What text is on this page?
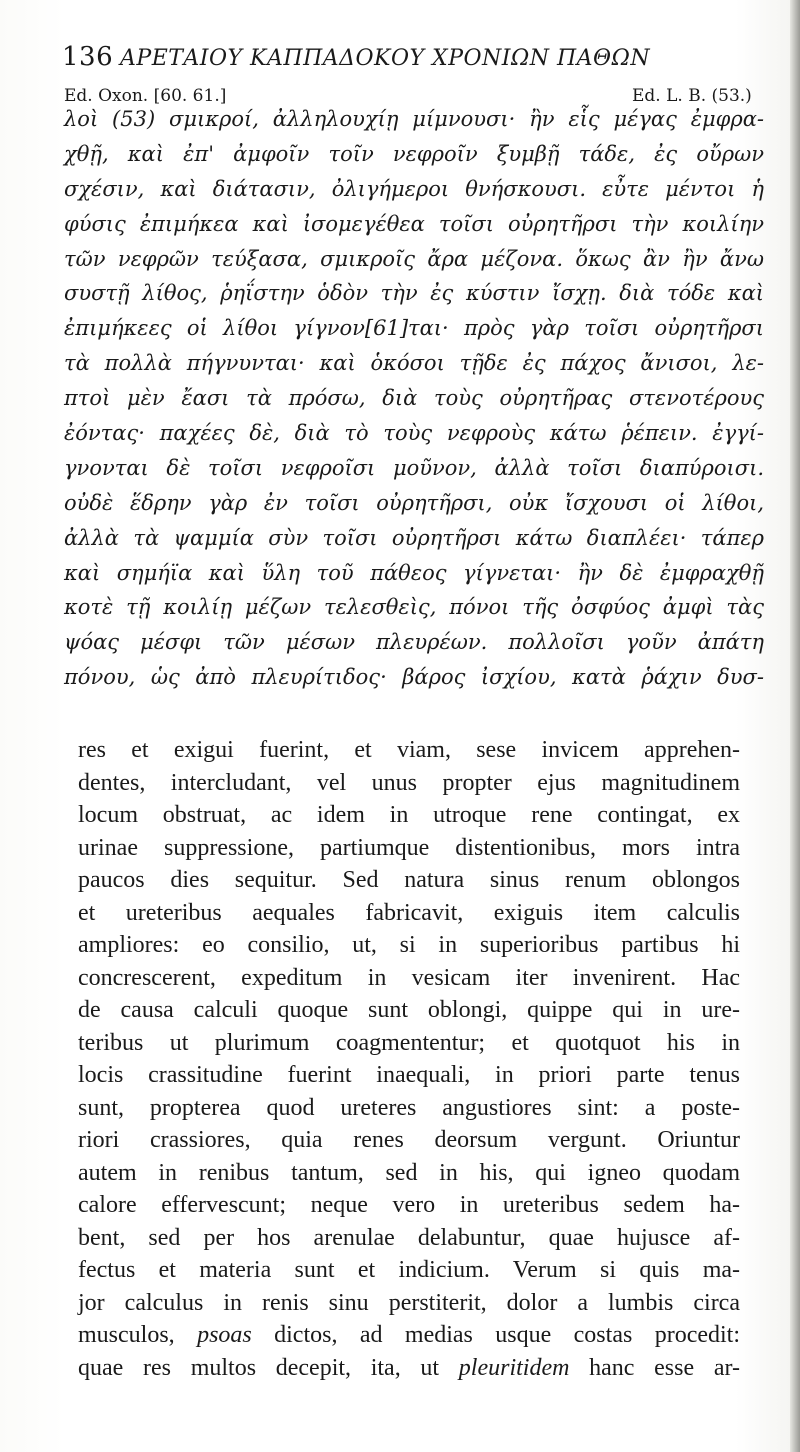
136 ΑΡΕΤΑΙΟΥ ΚΑΠΠΑΔΟΚΟΥ ΧΡΟΝΙΩΝ ΠΑΘΩΝ
Ed. Oxon. [60. 61.]	Ed. L. B. (53.)
λοὶ (53) σμικροί, ἀλληλουχίῃ μίμνουσι· ἢν εἷς μέγας ἐμφρα-
χθῇ, καὶ ἐπ' ἀμφοῖν τοῖν νεφροῖν ξυμβῇ τάδε, ἐς οὔρων
σχέσιν, καὶ διάτασιν, ὀλιγήμεροι θνήσκουσι. εὖτε μέντοι ἡ
φύσις ἐπιμήκεα καὶ ἰσομεγέθεα τοῖσι οὐρητῆρσι τὴν κοιλίην
τῶν νεφρῶν τεύξασα, σμικροῖς ἄρα μέζονα. ὅκως ἂν ἢν ἄνω
συστῇ λίθος, ῥηΐστην ὁδὸν τὴν ἐς κύστιν ἴσχῃ. διὰ τόδε καὶ
ἐπιμήκεες οἱ λίθοι γίγνον[61]ται· πρὸς γὰρ τοῖσι οὐρητῆρσι
τὰ πολλὰ πήγνυνται· καὶ ὁκόσοι τῇδε ἐς πάχος ἄνισοι, λε-
πτοὶ μὲν ἔασι τὰ πρόσω, διὰ τοὺς οὐρητῆρας στενοτέρους
ἐόντας· παχέες δὲ, διὰ τὸ τοὺς νεφροὺς κάτω ῥέπειν. ἐγγί-
γνονται δὲ τοῖσι νεφροῖσι μοῦνον, ἀλλὰ τοῖσι διαπύροισι.
οὐδὲ ἕδρην γὰρ ἐν τοῖσι οὐρητῆρσι, οὐκ ἴσχουσι οἱ λίθοι,
ἀλλὰ τὰ ψαμμία σὺν τοῖσι οὐρητῆρσι κάτω διαπλέει· τάπερ
καὶ σημήϊα καὶ ὕλη τοῦ πάθεος γίγνεται· ἢν δὲ ἐμφραχθῇ
κοτὲ τῇ κοιλίῃ μέζων τελεσθεὶς, πόνοι τῆς ὀσφύος ἀμφὶ τὰς
ψόας μέσφι τῶν μέσων πλευρέων. πολλοῖσι γοῦν ἀπάτη
πόνου, ὡς ἀπὸ πλευρίτιδος· βάρος ἰσχίου, κατὰ ῥάχιν δυσ-
res et exigui fuerint, et viam, sese invicem apprehen-
dentes, intercludant, vel unus propter ejus magnitudinem
locum obstruat, ac idem in utroque rene contingat, ex
urinae suppressione, partiumque distentionibus, mors intra
paucos dies sequitur. Sed natura sinus renum oblongos
et ureteribus aequales fabricavit, exiguis item calculis
ampliores: eo consilio, ut, si in superioribus partibus hi
concrescerent, expeditum in vesicam iter invenirent. Hac
de causa calculi quoque sunt oblongi, quippe qui in ure-
teribus ut plurimum coagmententur; et quotquot his in
locis crassitudine fuerint inaequali, in priori parte tenus
sunt, propterea quod ureteres angustiores sint: a poste-
riori crassiores, quia renes deorsum vergunt. Oriuntur
autem in renibus tantum, sed in his, qui igneo quodam
calore effervescunt; neque vero in ureteribus sedem ha-
bent, sed per hos arenulae delabuntur, quae hujusce af-
fectus et materia sunt et indicium. Verum si quis ma-
jor calculus in renis sinu perstiterit, dolor a lumbis circa
musculos, psoas dictos, ad medias usque costas procedit:
quae res multos decepit, ita, ut pleuritidem hanc esse ar-
